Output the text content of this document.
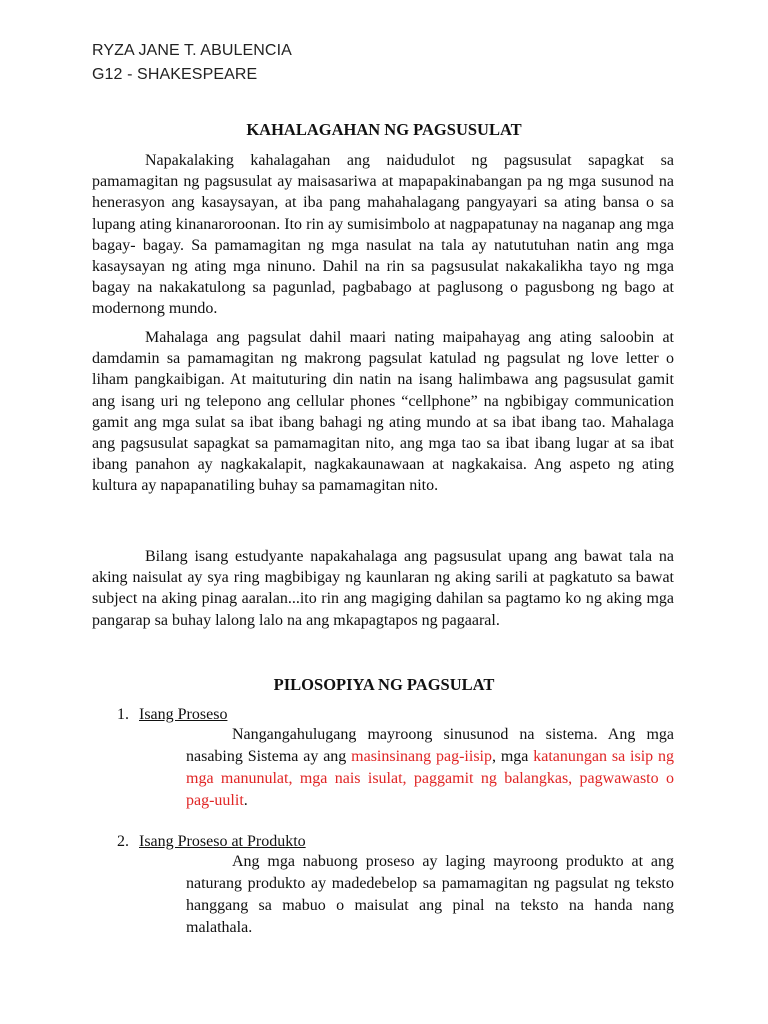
RYZA JANE T. ABULENCIA
G12 - SHAKESPEARE
KAHALAGAHAN NG PAGSUSULAT

Napakalaking kahalagahan ang naidudulot ng pagsusulat sapagkat sa pamamagitan ng pagsusulat ay maisasariwa at mapapakinabangan pa ng mga susunod na henerasyon ang kasaysayan, at iba pang mahahalagang pangyayari sa ating bansa o sa lupang ating kinanaroroonan. Ito rin ay sumisimbolo at nagpapatunay na naganap ang mga bagay- bagay. Sa pamamagitan ng mga nasulat na tala ay natututuhan natin ang mga kasaysayan ng ating mga ninuno. Dahil na rin sa pagsusulat nakakalikha tayo ng mga bagay na nakakatulong sa pagunlad, pagbabago at paglusong o pagusbong ng bago at modernong mundo.

Mahalaga ang pagsulat dahil maari nating maipahayag ang ating saloobin at damdamin sa pamamagitan ng makrong pagsulat katulad ng pagsulat ng love letter o liham pangkaibigan. At maituturing din natin na isang halimbawa ang pagsusulat gamit ang isang uri ng telepono ang cellular phones “cellphone” na ngbibigay communication gamit ang mga sulat sa ibat ibang bahagi ng ating mundo at sa ibat ibang tao. Mahalaga ang pagsusulat sapagkat sa pamamagitan nito, ang mga tao sa ibat ibang lugar at sa ibat ibang panahon ay nagkakalapit, nagkakaunawaan at nagkakaisa. Ang aspeto ng ating kultura ay napapanatiling buhay sa pamamagitan nito.

Bilang isang estudyante napakahalaga ang pagsusulat upang ang bawat tala na aking naisulat ay sya ring magbibigay ng kaunlaran ng aking sarili at pagkatuto sa bawat subject na aking pinag aaralan...ito rin ang magiging dahilan sa pagtamo ko ng aking mga pangarap sa buhay lalong lalo na ang mkapagtapos ng pagaaral.

PILOSOPIYA NG PAGSULAT
1. Isang Proseso

Nangangahulugang mayroong sinusunod na sistema. Ang mga nasabing Sistema ay ang masinsinang pag-iisip, mga katanungan sa isip ng mga manunulat, mga nais isulat, paggamit ng balangkas, pagwawasto o pag-uulit.

2. Isang Proseso at Produkto

Ang mga nabuong proseso ay laging mayroong produkto at ang naturang produkto ay madedebelop sa pamamagitan ng pagsulat ng teksto hanggang sa mabuo o maisulat ang pinal na teksto na handa nang malathala.
